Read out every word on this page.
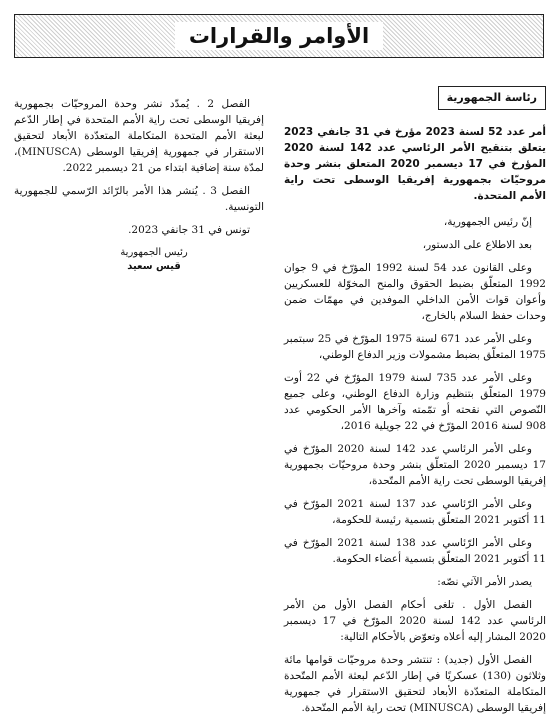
الأوامر والقرارات
رئاسة الجمهورية

أمر عدد 52 لسنة 2023 مؤرخ في 31 جانفي 2023 يتعلق بتنقيح الأمر الرئاسي عدد 142 لسنة 2020 المؤرخ في 17 ديسمبر 2020 المتعلق بنشر وحدة مروحيّات بجمهورية إفريقيا الوسطى تحت راية الأمم المتحدة.

إنّ رئيس الجمهورية،

بعد الاطلاع على الدستور،

وعلى القانون عدد 54 لسنة 1992 المؤرّخ في 9 جوان 1992 المتعلّق بضبط الحقوق والمنح المخوّلة للعسكريين وأعوان قوات الأمن الداخلي الموفدين في مهمّات ضمن وحدات حفظ السلام بالخارج،

وعلى الأمر عدد 671 لسنة 1975 المؤرّخ في 25 سبتمبر 1975 المتعلّق بضبط مشمولات وزير الدفاع الوطني،

وعلى الأمر عدد 735 لسنة 1979 المؤرّخ في 22 أوت 1979 المتعلّق بتنظيم وزارة الدفاع الوطني، وعلى جميع النّصوص التي نقحته أو تمّمته وآخرها الأمر الحكومي عدد 908 لسنة 2016 المؤرّخ في 22 جويلية 2016،

وعلى الأمر الرئاسي عدد 142 لسنة 2020 المؤرّخ في 17 ديسمبر 2020 المتعلّق بنشر وحدة مروحيّات بجمهورية إفريقيا الوسطى تحت راية الأمم المتّحدة،

وعلى الأمر الرّئاسي عدد 137 لسنة 2021 المؤرّخ في 11 أكتوبر 2021 المتعلّق بتسمية رئيسة للحكومة،

وعلى الأمر الرّئاسي عدد 138 لسنة 2021 المؤرّخ في 11 أكتوبر 2021 المتعلّق بتسمية أعضاء الحكومة.

يصدر الأمر الآتي نصّه:

الفصل الأول . تلغى أحكام الفصل الأول من الأمر الرئاسي عدد 142 لسنة 2020 المؤرّخ في 17 ديسمبر 2020 المشار إليه أعلاه وتعوّض بالأحكام التالية:

الفصل الأول (جديد) : تنتشر وحدة مروحيّات قوامها مائة وثلاثون (130) عسكريًا في إطار الدّعم لبعثة الأمم المتّحدة المتكاملة المتعدّدة الأبعاد لتحقيق الاستقرار في جمهورية إفريقيا الوسطى (MINUSCA) تحت راية الأمم المتّحدة.

الفصل 2 . يُمدّد نشر وحدة المروحيّات بجمهورية إفريقيا الوسطى تحت راية الأمم المتحدة في إطار الدّعم لبعثة الأمم المتحدة المتكاملة المتعدّدة الأبعاد لتحقيق الاستقرار في جمهورية إفريقيا الوسطى (MINUSCA)، لمدّة سنة إضافية ابتداء من 21 ديسمبر 2022.

الفصل 3 . يُنشر هذا الأمر بالرّائد الرّسمي للجمهورية التونسية.

تونس في 31 جانفي 2023.

رئيس الجمهورية
قيس سعيد
